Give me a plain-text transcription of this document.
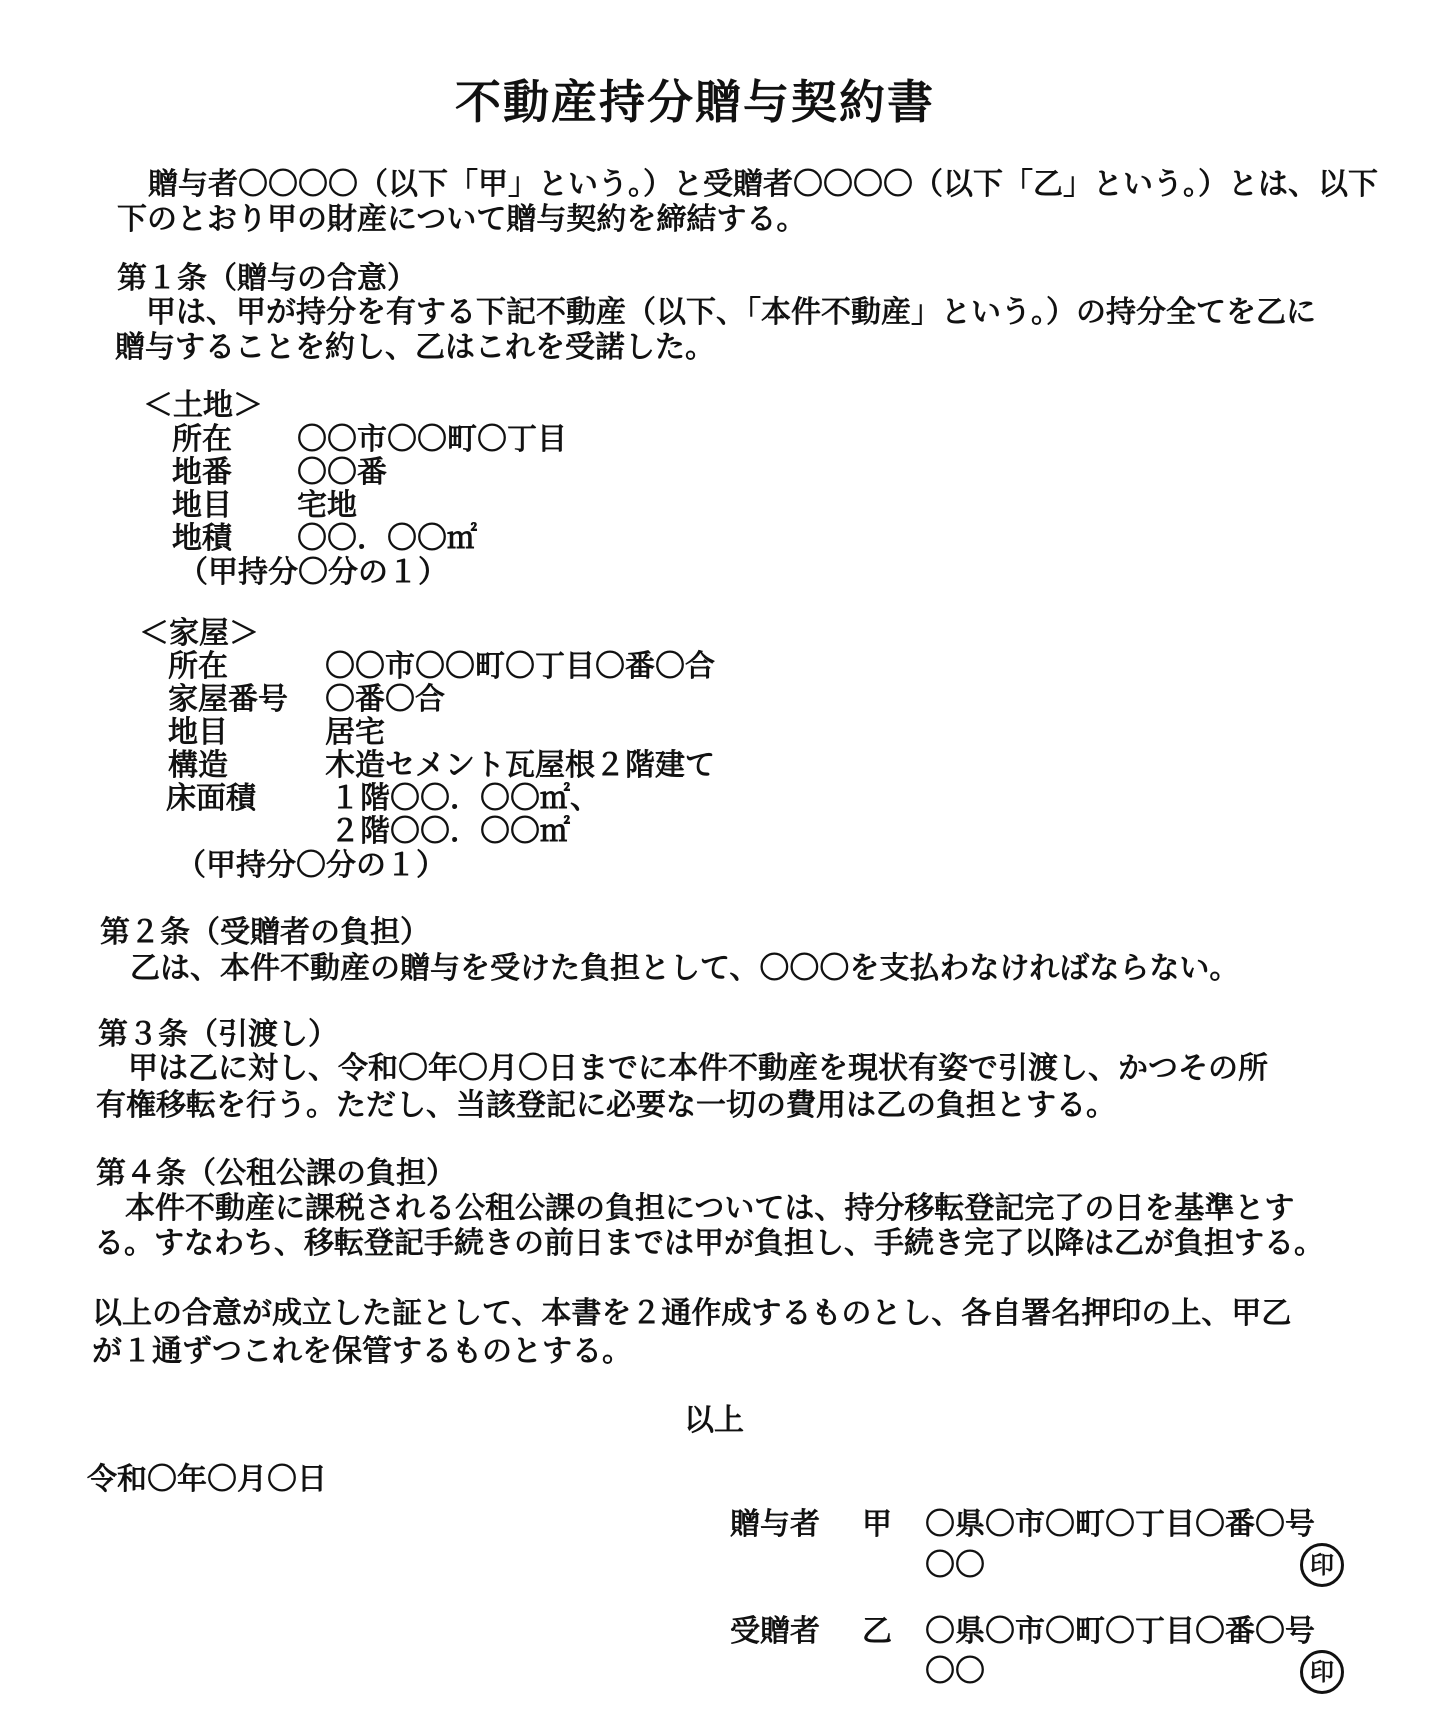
不動産持分贈与契約書
贈与者〇〇〇〇（以下「甲」という。）と受贈者〇〇〇〇（以下「乙」という。）とは、以下
下のとおり甲の財産について贈与契約を締結する。
第１条（贈与の合意）
甲は、甲が持分を有する下記不動産（以下、「本件不動産」という。）の持分全てを乙に
贈与することを約し、乙はこれを受諾した。
＜土地＞
所在 〇〇市〇〇町〇丁目
地番 〇〇番
地目 宅地
地積 〇〇．〇〇㎡
（甲持分〇分の１）
＜家屋＞
所在	〇〇市〇〇町〇丁目〇番〇合
家屋番号 〇番〇合
地目	居宅
構造	木造セメント瓦屋根２階建て
床面積 １階〇〇．〇〇㎡、
２階〇〇．〇〇㎡
（甲持分〇分の１）
第２条（受贈者の負担）
乙は、本件不動産の贈与を受けた負担として、〇〇〇を支払わなければならない。
第３条（引渡し）
甲は乙に対し、令和〇年〇月〇日までに本件不動産を現状有姿で引渡し、かつその所
有権移転を行う。ただし、当該登記に必要な一切の費用は乙の負担とする。
第４条（公租公課の負担）
本件不動産に課税される公租公課の負担については、持分移転登記完了の日を基準とす
る。すなわち、移転登記手続きの前日までは甲が負担し、手続き完了以降は乙が負担する。
以上の合意が成立した証として、本書を２通作成するものとし、各自署名押印の上、甲乙
が１通ずつこれを保管するものとする。
以上
令和〇年〇月〇日
贈与者 甲 〇県〇市〇町〇丁目〇番〇号
〇〇	印
受贈者 乙 〇県〇市〇町〇丁目〇番〇号
〇〇	印
